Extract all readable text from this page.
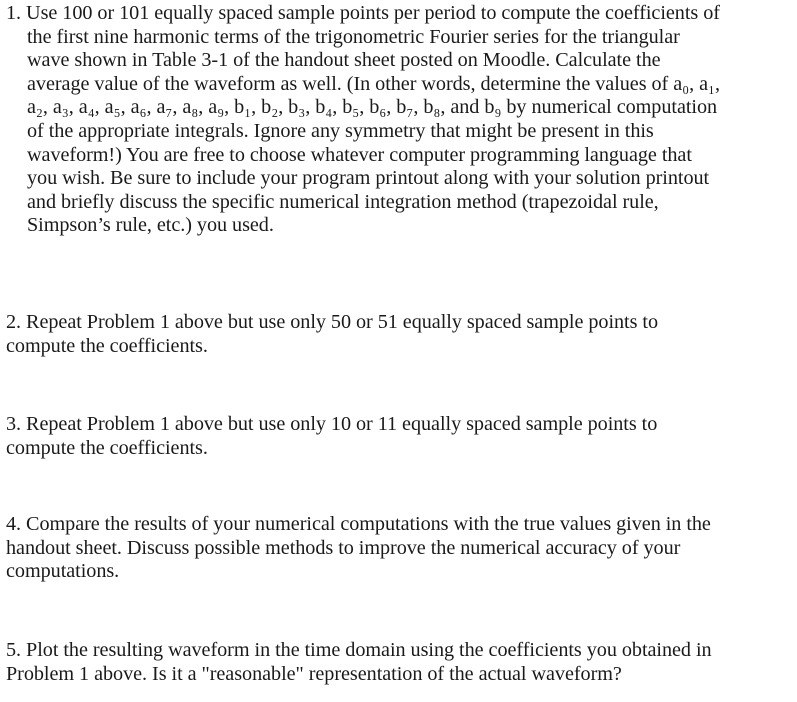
1. Use 100 or 101 equally spaced sample points per period to compute the coefficients of
the first nine harmonic terms of the trigonometric Fourier series for the triangular
wave shown in Table 3-1 of the handout sheet posted on Moodle. Calculate the
average value of the waveform as well. (In other words, determine the values of a₀, a₁,
a₂, a₃, a₄, a₅, a₆, a₇, a₈, a₉, b₁, b₂, b₃, b₄, b₅, b₆, b₇, b₈, and b₉ by numerical computation
of the appropriate integrals. Ignore any symmetry that might be present in this
waveform!) You are free to choose whatever computer programming language that
you wish. Be sure to include your program printout along with your solution printout
and briefly discuss the specific numerical integration method (trapezoidal rule,
Simpson’s rule, etc.) you used.
2. Repeat Problem 1 above but use only 50 or 51 equally spaced sample points to
compute the coefficients.
3. Repeat Problem 1 above but use only 10 or 11 equally spaced sample points to
compute the coefficients.
4. Compare the results of your numerical computations with the true values given in the
handout sheet. Discuss possible methods to improve the numerical accuracy of your
computations.
5. Plot the resulting waveform in the time domain using the coefficients you obtained in
Problem 1 above. Is it a "reasonable" representation of the actual waveform?
